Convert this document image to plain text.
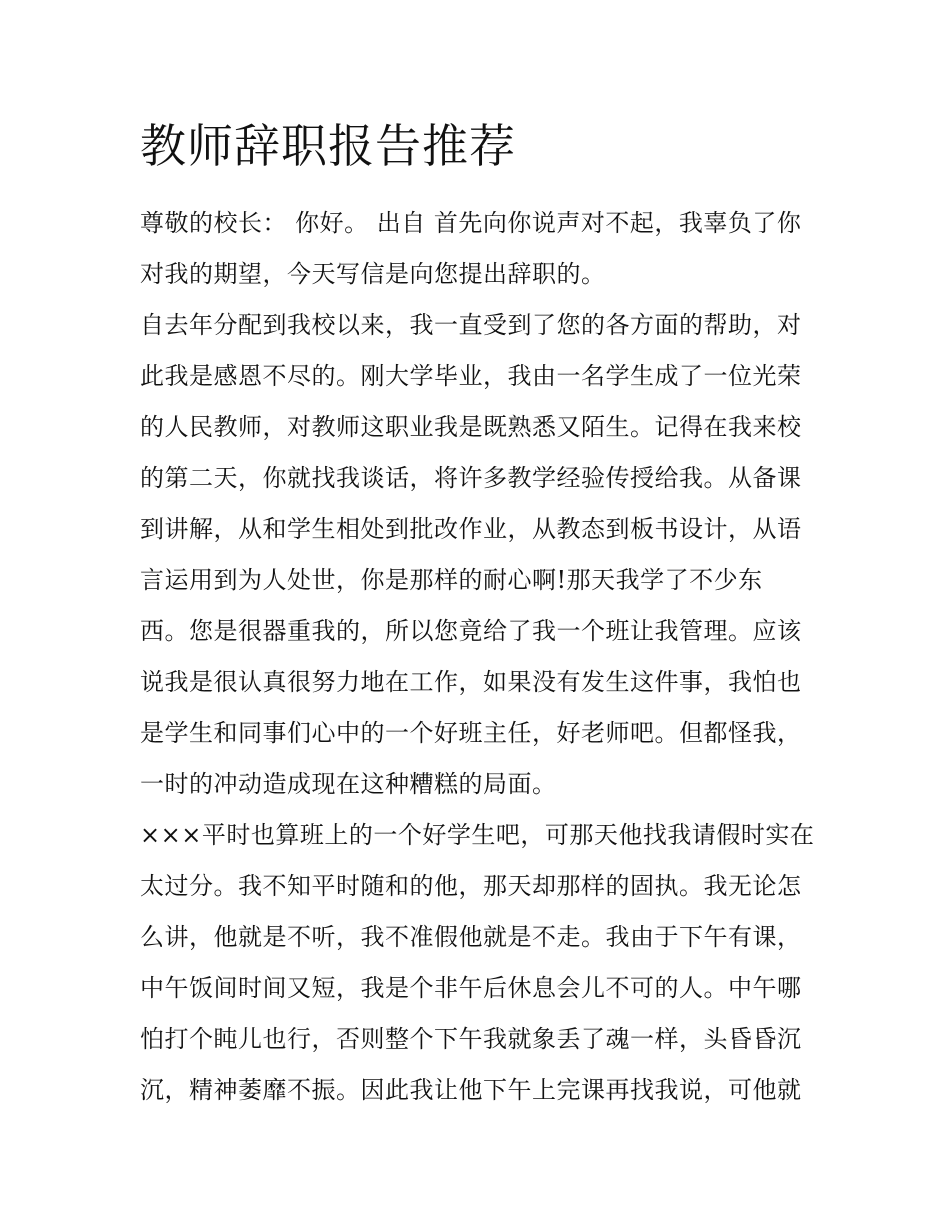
教师辞职报告推荐
尊敬的校长： 你好。 出自 首先向你说声对不起，我辜负了你
对我的期望，今天写信是向您提出辞职的。
自去年分配到我校以来，我一直受到了您的各方面的帮助，对
此我是感恩不尽的。刚大学毕业，我由一名学生成了一位光荣
的人民教师，对教师这职业我是既熟悉又陌生。记得在我来校
的第二天，你就找我谈话，将许多教学经验传授给我。从备课
到讲解，从和学生相处到批改作业，从教态到板书设计，从语
言运用到为人处世，你是那样的耐心啊!那天我学了不少东
西。您是很器重我的，所以您竟给了我一个班让我管理。应该
说我是很认真很努力地在工作，如果没有发生这件事，我怕也
是学生和同事们心中的一个好班主任，好老师吧。但都怪我，
一时的冲动造成现在这种糟糕的局面。
×××平时也算班上的一个好学生吧，可那天他找我请假时实在
太过分。我不知平时随和的他，那天却那样的固执。我无论怎
么讲，他就是不听，我不准假他就是不走。我由于下午有课，
中午饭间时间又短，我是个非午后休息会儿不可的人。中午哪
怕打个盹儿也行，否则整个下午我就象丢了魂一样，头昏昏沉
沉，精神萎靡不振。因此我让他下午上完课再找我说，可他就
